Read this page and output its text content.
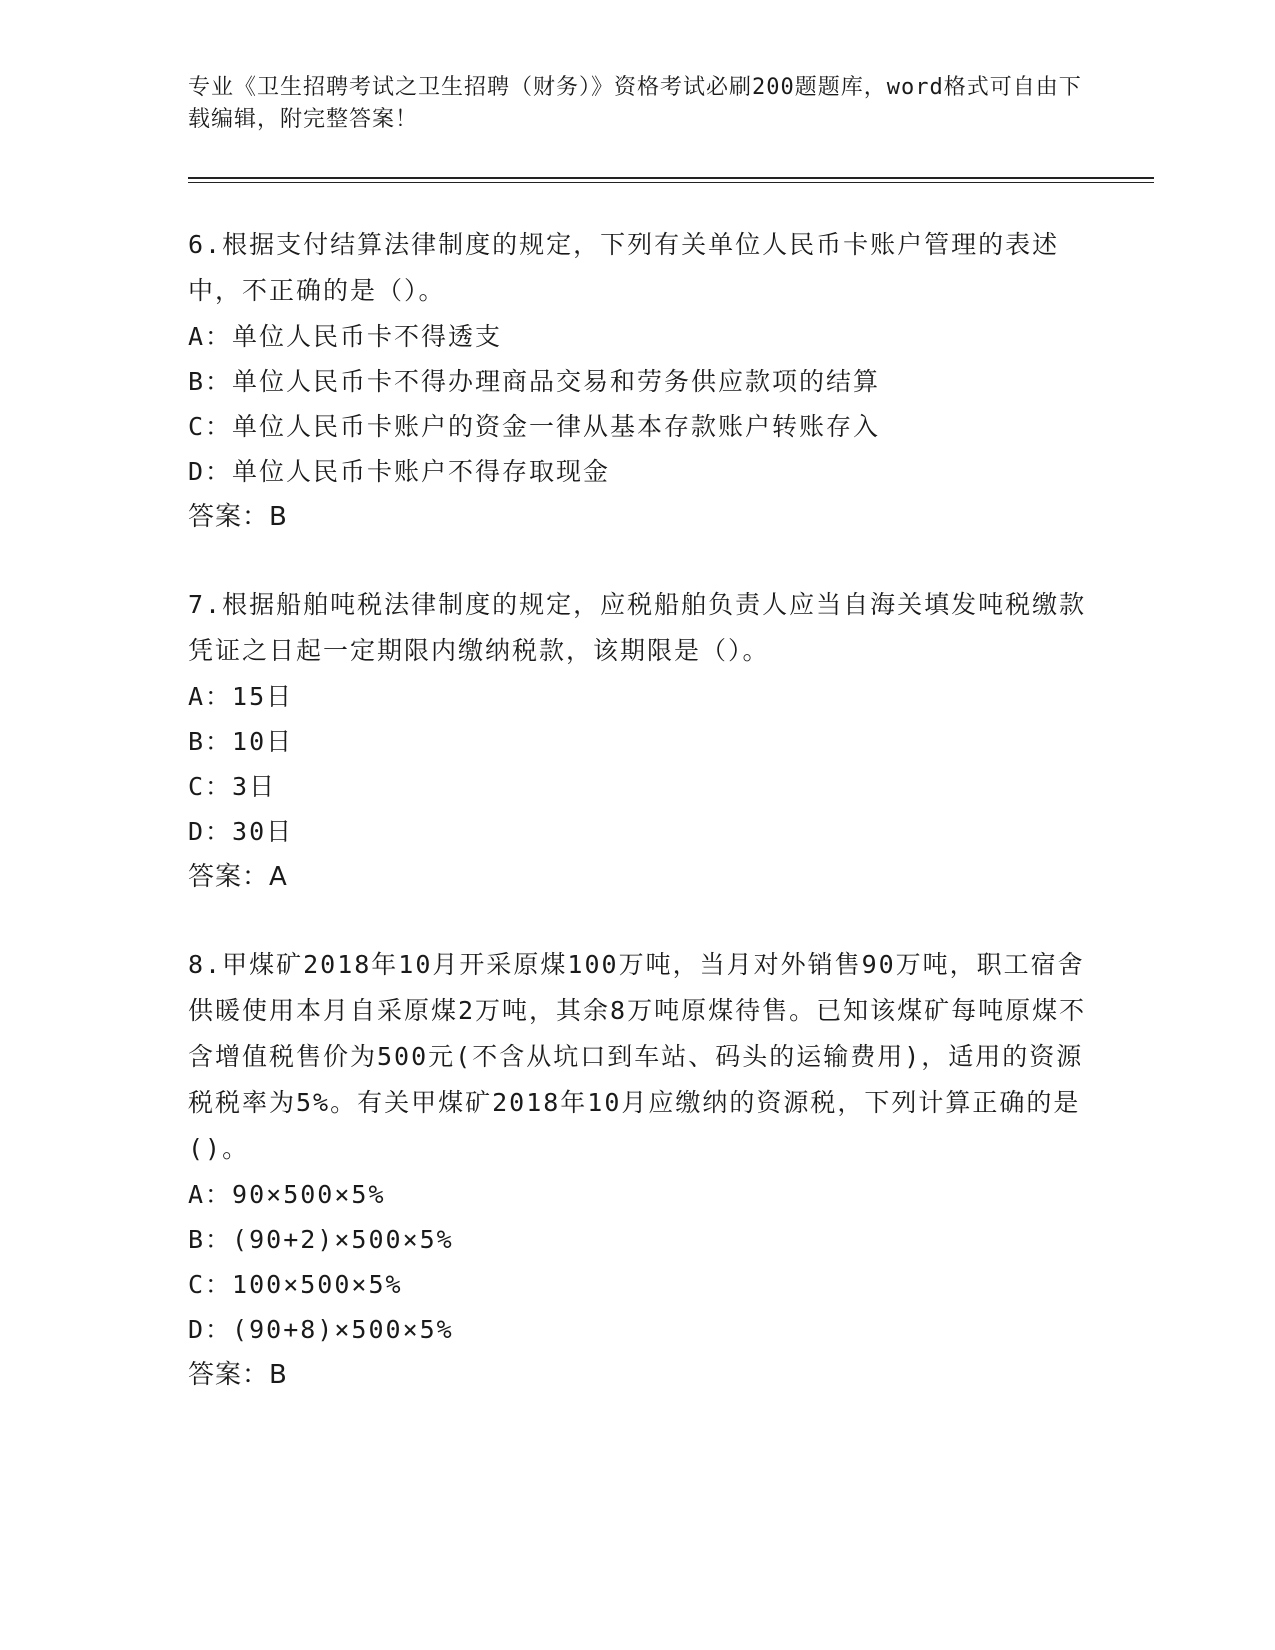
专业《卫生招聘考试之卫生招聘（财务）》资格考试必刷200题题库，word格式可自由下载编辑，附完整答案！
6.根据支付结算法律制度的规定，下列有关单位人民币卡账户管理的表述中，不正确的是（）。
A：单位人民币卡不得透支
B：单位人民币卡不得办理商品交易和劳务供应款项的结算
C：单位人民币卡账户的资金一律从基本存款账户转账存入
D：单位人民币卡账户不得存取现金
答案：B
7.根据船舶吨税法律制度的规定，应税船舶负责人应当自海关填发吨税缴款凭证之日起一定期限内缴纳税款，该期限是（）。
A：15日
B：10日
C：3日
D：30日
答案：A
8.甲煤矿2018年10月开采原煤100万吨，当月对外销售90万吨，职工宿舍供暖使用本月自采原煤2万吨，其余8万吨原煤待售。已知该煤矿每吨原煤不含增值税售价为500元(不含从坑口到车站、码头的运输费用)，适用的资源税税率为5%。有关甲煤矿2018年10月应缴纳的资源税，下列计算正确的是()。
A：90×500×5%
B：(90+2)×500×5%
C：100×500×5%
D：(90+8)×500×5%
答案：B
